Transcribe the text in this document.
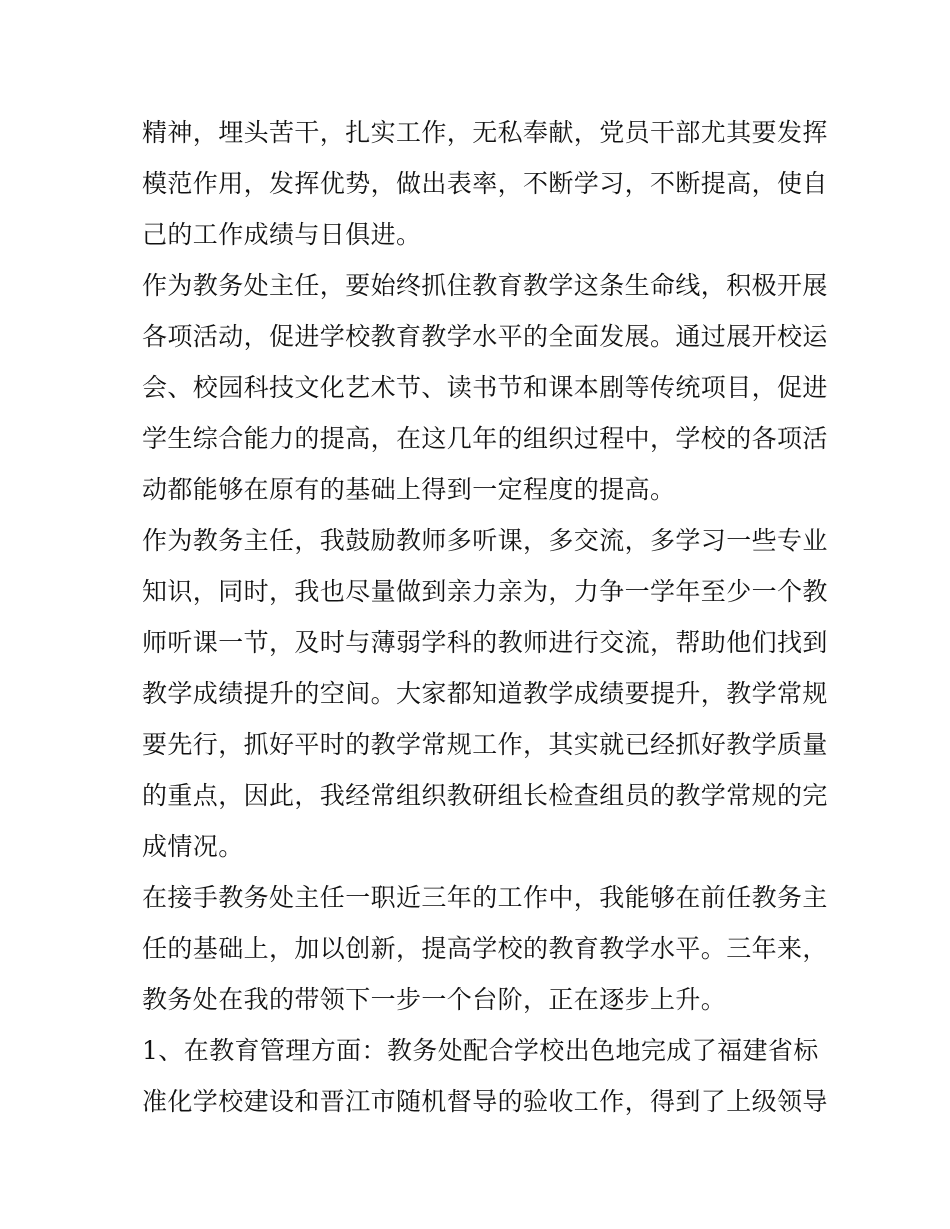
精神，埋头苦干，扎实工作，无私奉献，党员干部尤其要发挥
模范作用，发挥优势，做出表率，不断学习，不断提高，使自
己的工作成绩与日俱进。
作为教务处主任，要始终抓住教育教学这条生命线，积极开展
各项活动，促进学校教育教学水平的全面发展。通过展开校运
会、校园科技文化艺术节、读书节和课本剧等传统项目，促进
学生综合能力的提高，在这几年的组织过程中，学校的各项活
动都能够在原有的基础上得到一定程度的提高。
作为教务主任，我鼓励教师多听课，多交流，多学习一些专业
知识，同时，我也尽量做到亲力亲为，力争一学年至少一个教
师听课一节，及时与薄弱学科的教师进行交流，帮助他们找到
教学成绩提升的空间。大家都知道教学成绩要提升，教学常规
要先行，抓好平时的教学常规工作，其实就已经抓好教学质量
的重点，因此，我经常组织教研组长检查组员的教学常规的完
成情况。
在接手教务处主任一职近三年的工作中，我能够在前任教务主
任的基础上，加以创新，提高学校的教育教学水平。三年来，
教务处在我的带领下一步一个台阶，正在逐步上升。
1、在教育管理方面：教务处配合学校出色地完成了福建省标
准化学校建设和晋江市随机督导的验收工作，得到了上级领导
